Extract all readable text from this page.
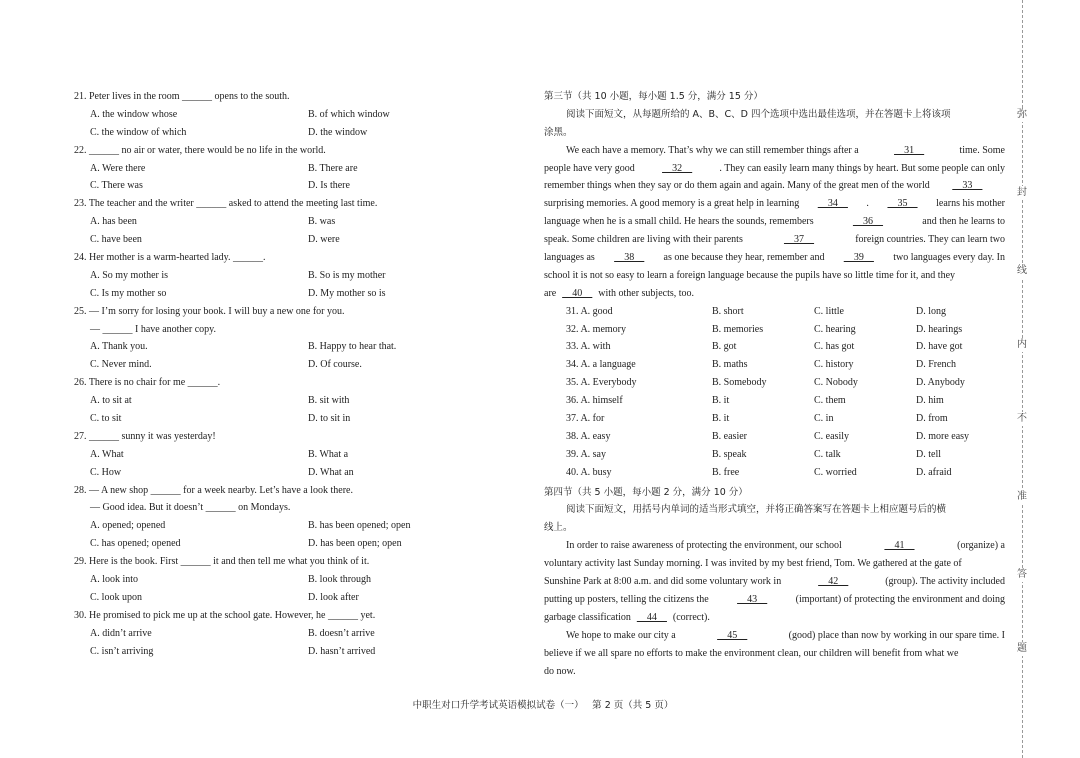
21. Peter lives in the room ______ opens to the south.
A. the window whose	B. of which window
C. the window of which	D. the window
22. ______ no air or water, there would be no life in the world.
A. Were there	B. There are
C. There was	D. Is there
23. The teacher and the writer ______ asked to attend the meeting last time.
A. has been	B. was
C. have been	D. were
24. Her mother is a warm-hearted lady. ______.
A. So my mother is	B. So is my mother
C. Is my mother so	D. My mother so is
25. — I’m sorry for losing your book. I will buy a new one for you.
— ______ I have another copy.
A. Thank you.	B. Happy to hear that.
C. Never mind.	D. Of course.
26. There is no chair for me ______.
A. to sit at	B. sit with
C. to sit	D. to sit in
27. ______ sunny it was yesterday!
A. What	B. What a
C. How	D. What an
28. — A new shop ______ for a week nearby. Let’s have a look there.
— Good idea. But it doesn’t ______ on Mondays.
A. opened; opened	B. has been opened; open
C. has opened; opened	D. has been open; open
29. Here is the book. First ______ it and then tell me what you think of it.
A. look into	B. look through
C. look upon	D. look after
30. He promised to pick me up at the school gate. However, he ______ yet.
A. didn’t arrive	B. doesn’t arrive
C. isn’t arriving	D. hasn’t arrived
第三节（共 10 小题，每小题 1.5 分，满分 15 分）
阅读下面短文，从每题所给的 A、B、C、D 四个选项中选出最佳选项，并在答题卡上将该项
涂黑。
We each have a memory. That’s why we can still remember things after a	__31__	time. Some
people have very good	__32__	. They can easily learn many things by heart. But some people can only
remember things when they say or do them again and again. Many of the great men of the world __33__
surprising memories. A good memory is a great help in learning __34__ . __35__ learns his mother
language when he is a small child. He hears the sounds, remembers	__36__	and then he learns to
speak. Some children are living with their parents	__37__	foreign countries. They can learn two
languages as __38__ as one because they hear, remember and __39__ two languages every day. In
school it is not so easy to learn a foreign language because the pupils have so little time for it, and they
are __40__ with other subjects, too.
31. A. good	B. short	C. little	D. long
32. A. memory	B. memories	C. hearing	D. hearings
33. A. with	B. got	C. has got	D. have got
34. A. a language	B. maths	C. history	D. French
35. A. Everybody	B. Somebody	C. Nobody	D. Anybody
36. A. himself	B. it	C. them	D. him
37. A. for	B. it	C. in	D. from
38. A. easy	B. easier	C. easily	D. more easy
39. A. say	B. speak	C. talk	D. tell
40. A. busy	B. free	C. worried	D. afraid
第四节（共 5 小题，每小题 2 分，满分 10 分）
阅读下面短文，用括号内单词的适当形式填空，并将正确答案写在答题卡上相应题号后的横
线上。
In order to raise awareness of protecting the environment, our school	__41__	(organize) a
voluntary activity last Sunday morning. I was invited by my best friend, Tom. We gathered at the gate of
Sunshine Park at 8:00 a.m. and did some voluntary work in	__42__	(group). The activity included
putting up posters, telling the citizens the	__43__	(important) of protecting the environment and doing
garbage classification __44__ (correct).
We hope to make our city a	__45__	(good) place than now by working in our spare time. I
believe if we all spare no efforts to make the environment clean, our children will benefit from what we
do now.
中职生对口升学考试英语模拟试卷（一） 第 2 页（共 5 页）
弥
封
线
内
不
准
答
题
